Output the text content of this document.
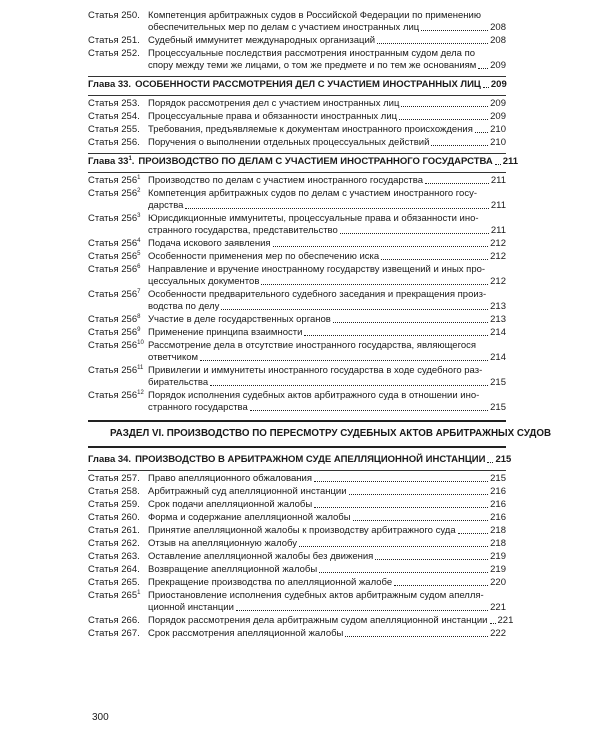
Статья 250. Компетенция арбитражных судов в Российской Федерации по применению
обеспечительных мер по делам с участием иностранных лиц	208
Статья 251. Судебный иммунитет международных организаций	208
Статья 252. Процессуальные последствия рассмотрения иностранным судом дела по
спору между теми же лицами, о том же предмете и по тем же основаниям 209
Глава 33. ОСОБЕННОСТИ РАССМОТРЕНИЯ ДЕЛ С УЧАСТИЕМ ИНОСТРАННЫХ ЛИЦ 209
Статья 253. Порядок рассмотрения дел с участием иностранных лиц	209
Статья 254. Процессуальные права и обязанности иностранных лиц	209
Статья 255. Требования, предъявляемые к документам иностранного происхождения 210
Статья 256. Поручения о выполнении отдельных процессуальных действий	210
Глава $33^1$. ПРОИЗВОДСТВО ПО ДЕЛАМ С УЧАСТИЕМ ИНОСТРАННОГО ГОСУДАРСТВА 211
Статья $256^1$ Производство по делам с участием иностранного государства	211
Статья $256^2$ Компетенция арбитражных судов по делам с участием иностранного госу-
дарства	211
Статья $256^3$ Юрисдикционные иммунитеты, процессуальные права и обязанности ино-
странного государства, представительство	211
Статья $256^4$ Подача искового заявления	212
Статья $256^5$ Особенности применения мер по обеспечению иска	212
Статья $256^6$ Направление и вручение иностранному государству извещений и иных про-
цессуальных документов	212
Статья $256^7$ Особенности предварительного судебного заседания и прекращения произ-
водства по делу	213
Статья $256^8$ Участие в деле государственных органов	213
Статья $256^9$ Применение принципа взаимности	214
Статья $256^{10}$ Рассмотрение дела в отсутствие иностранного государства, являющегося
ответчиком	214
Статья $256^{11}$ Привилегии и иммунитеты иностранного государства в ходе судебного раз-
бирательства	215
Статья $256^{12}$ Порядок исполнения судебных актов арбитражного суда в отношении ино-
странного государства	215
РАЗДЕЛ VI. ПРОИЗВОДСТВО ПО ПЕРЕСМОТРУ СУДЕБНЫХ АКТОВ АРБИТРАЖНЫХ СУДОВ
Глава 34. ПРОИЗВОДСТВО В АРБИТРАЖНОМ СУДЕ АПЕЛЛЯЦИОННОЙ ИНСТАНЦИИ 215
Статья 257. Право апелляционного обжалования	215
Статья 258. Арбитражный суд апелляционной инстанции	216
Статья 259. Срок подачи апелляционной жалобы	216
Статья 260. Форма и содержание апелляционной жалобы	216
Статья 261. Принятие апелляционной жалобы к производству арбитражного суда	218
Статья 262. Отзыв на апелляционную жалобу	218
Статья 263. Оставление апелляционной жалобы без движения	219
Статья 264. Возвращение апелляционной жалобы	219
Статья 265. Прекращение производства по апелляционной жалобе	220
Статья $265^1$ Приостановление исполнения судебных актов арбитражным судом апелля-
ционной инстанции	221
Статья 266. Порядок рассмотрения дела арбитражным судом апелляционной инстанции 221
Статья 267. Срок рассмотрения апелляционной жалобы	222
300
